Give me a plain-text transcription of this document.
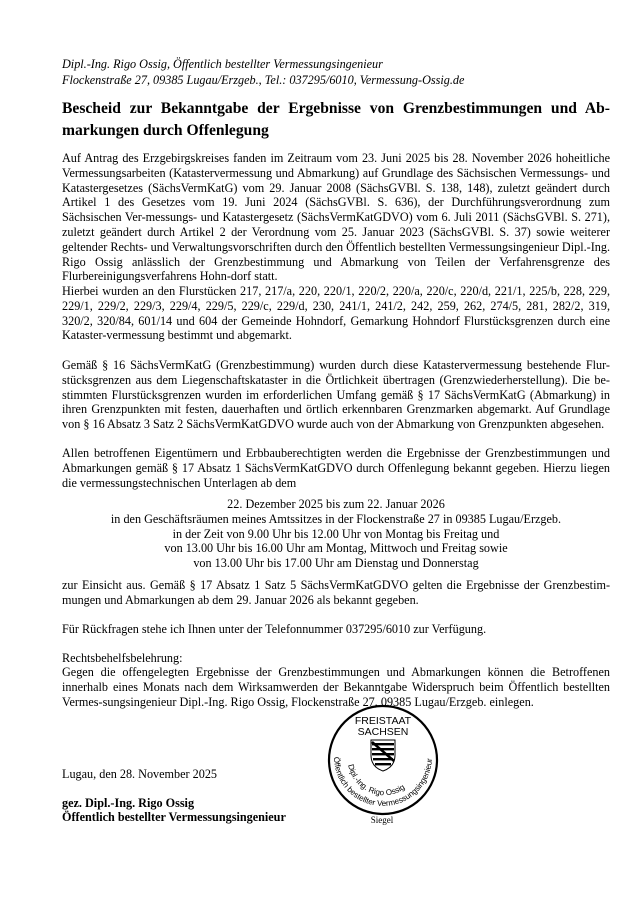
Dipl.-Ing. Rigo Ossig, Öffentlich bestellter Vermessungsingenieur
Flockenstraße 27, 09385 Lugau/Erzgeb., Tel.: 037295/6010, Vermessung-Ossig.de
Bescheid zur Bekanntgabe der Ergebnisse von Grenzbestimmungen und Ab-markungen durch Offenlegung
Auf Antrag des Erzgebirgskreises fanden im Zeitraum vom 23. Juni 2025 bis 28. November 2026 hoheitliche Vermessungsarbeiten (Katastervermessung und Abmarkung) auf Grundlage des Sächsischen Vermessungs- und Katastergesetzes (SächsVermKatG) vom 29. Januar 2008 (SächsGVBl. S. 138, 148), zuletzt geändert durch Artikel 1 des Gesetzes vom 19. Juni 2024 (SächsGVBl. S. 636), der Durchführungsverordnung zum Sächsischen Ver-messungs- und Katastergesetz (SächsVermKatGDVO) vom 6. Juli 2011 (SächsGVBl. S. 271), zuletzt geändert durch Artikel 2 der Verordnung vom 25. Januar 2023 (SächsGVBl. S. 37) sowie weiterer geltender Rechts- und Verwaltungsvorschriften durch den Öffentlich bestellten Vermessungsingenieur Dipl.-Ing. Rigo Ossig anlässlich der Grenzbestimmung und Abmarkung von Teilen der Verfahrensgrenze des Flurbereinigungsverfahrens Hohn-dorf statt.
Hierbei wurden an den Flurstücken 217, 217/a, 220, 220/1, 220/2, 220/a, 220/c, 220/d, 221/1, 225/b, 228, 229, 229/1, 229/2, 229/3, 229/4, 229/5, 229/c, 229/d, 230, 241/1, 241/2, 242, 259, 262, 274/5, 281, 282/2, 319, 320/2, 320/84, 601/14 und 604 der Gemeinde Hohndorf, Gemarkung Hohndorf Flurstücksgrenzen durch eine Kataster-vermessung bestimmt und abgemarkt.
Gemäß § 16 SächsVermKatG (Grenzbestimmung) wurden durch diese Katastervermessung bestehende Flur-stücksgrenzen aus dem Liegenschaftskataster in die Örtlichkeit übertragen (Grenzwiederherstellung). Die be-stimmten Flurstücksgrenzen wurden im erforderlichen Umfang gemäß § 17 SächsVermKatG (Abmarkung) in ihren Grenzpunkten mit festen, dauerhaften und örtlich erkennbaren Grenzmarken abgemarkt. Auf Grundlage von § 16 Absatz 3 Satz 2 SächsVermKatGDVO wurde auch von der Abmarkung von Grenzpunkten abgesehen.
Allen betroffenen Eigentümern und Erbbauberechtigten werden die Ergebnisse der Grenzbestimmungen und Abmarkungen gemäß § 17 Absatz 1 SächsVermKatGDVO durch Offenlegung bekannt gegeben. Hierzu liegen die vermessungstechnischen Unterlagen ab dem
22. Dezember 2025 bis zum 22. Januar 2026
in den Geschäftsräumen meines Amtssitzes in der Flockenstraße 27 in 09385 Lugau/Erzgeb.
in der Zeit von 9.00 Uhr bis 12.00 Uhr von Montag bis Freitag und
von 13.00 Uhr bis 16.00 Uhr am Montag, Mittwoch und Freitag sowie
von 13.00 Uhr bis 17.00 Uhr am Dienstag und Donnerstag
zur Einsicht aus. Gemäß § 17 Absatz 1 Satz 5 SächsVermKatGDVO gelten die Ergebnisse der Grenzbestim-mungen und Abmarkungen ab dem 29. Januar 2026 als bekannt gegeben.
Für Rückfragen stehe ich Ihnen unter der Telefonnummer 037295/6010 zur Verfügung.
Rechtsbehelfsbelehrung:
Gegen die offengelegten Ergebnisse der Grenzbestimmungen und Abmarkungen können die Betroffenen innerhalb eines Monats nach dem Wirksamwerden der Bekanntgabe Widerspruch beim Öffentlich bestellten Vermes-sungsingenieur Dipl.-Ing. Rigo Ossig, Flockenstraße 27, 09385 Lugau/Erzgeb. einlegen.
Lugau, den 28. November 2025
gez. Dipl.-Ing. Rigo Ossig
Öffentlich bestellter Vermessungsingenieur
FREISTAAT
SACHSEN
Dipl.-Ing. Rigo Ossig
Öffentlich bestellter Vermessungsingenieur
Siegel
